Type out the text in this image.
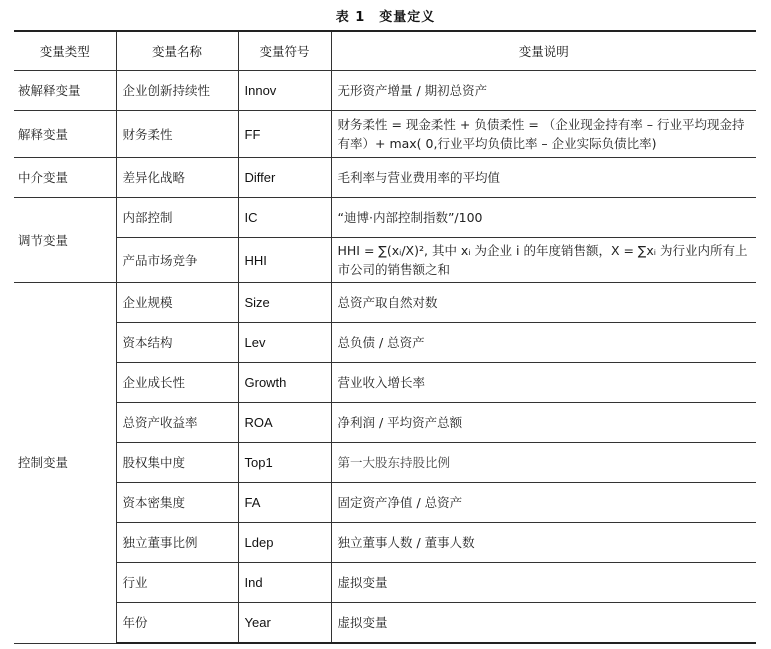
表 1　变量定义
变量类型	变量名称	变量符号	变量说明
被解释变量	企业创新持续性	Innov	无形资产增量 / 期初总资产
解释变量	财务柔性	FF	财务柔性 = 现金柔性 + 负债柔性 = （企业现金持有率 – 行业平均现金持有率）+ max( 0,行业平均负债比率 – 企业实际负债比率)
中介变量	差异化战略	Differ	毛利率与营业费用率的平均值
调节变量	内部控制	IC	“迪博·内部控制指数”/100
	产品市场竞争	HHI	HHI = ∑(xᵢ/X)², 其中 xᵢ 为企业 i 的年度销售额，X = ∑xᵢ 为行业内所有上市公司的销售额之和
控制变量	企业规模	Size	总资产取自然对数
	资本结构	Lev	总负债 / 总资产
	企业成长性	Growth	营业收入增长率
	总资产收益率	ROA	净利润 / 平均资产总额
	股权集中度	Top1	第一大股东持股比例
	资本密集度	FA	固定资产净值 / 总资产
	独立董事比例	Ldep	独立董事人数 / 董事人数
	行业	Ind	虚拟变量
	年份	Year	虚拟变量
